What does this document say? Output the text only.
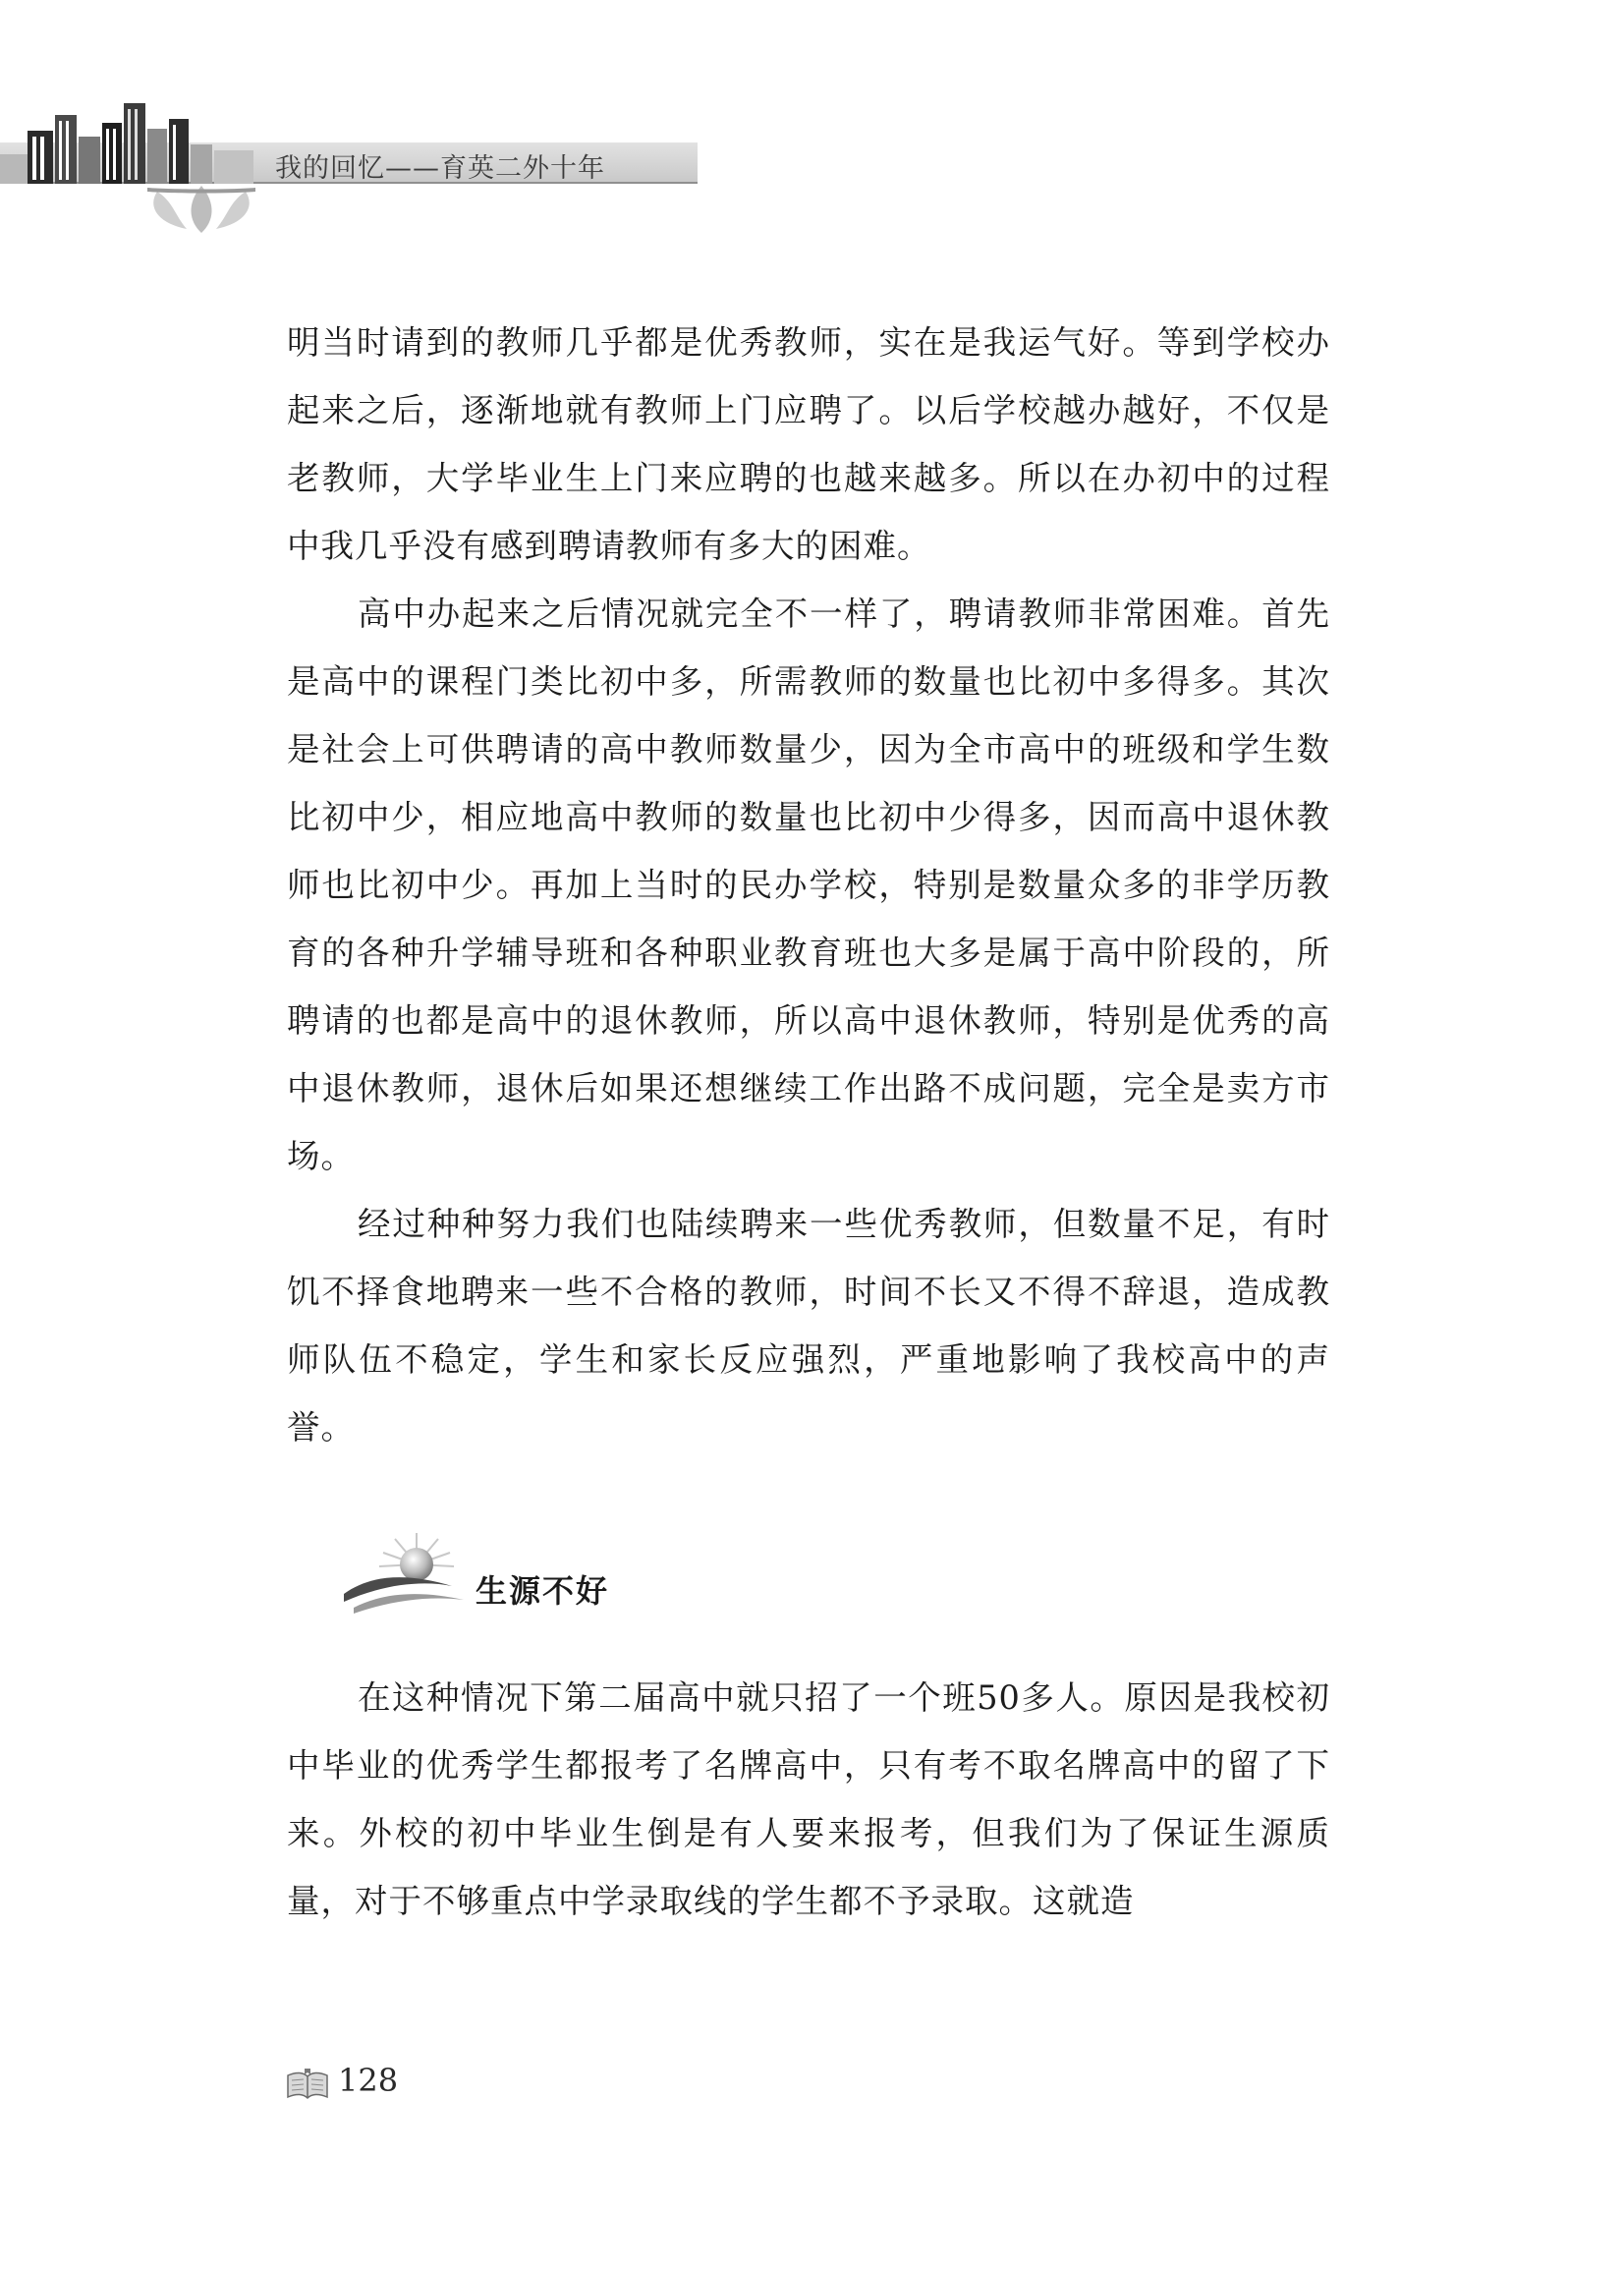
我的回忆——育英二外十年

明当时请到的教师几乎都是优秀教师，实在是我运气好。等到学校办起来之后，逐渐地就有教师上门应聘了。以后学校越办越好，不仅是老教师，大学毕业生上门来应聘的也越来越多。所以在办初中的过程中我几乎没有感到聘请教师有多大的困难。

高中办起来之后情况就完全不一样了，聘请教师非常困难。首先是高中的课程门类比初中多，所需教师的数量也比初中多得多。其次是社会上可供聘请的高中教师数量少，因为全市高中的班级和学生数比初中少，相应地高中教师的数量也比初中少得多，因而高中退休教师也比初中少。再加上当时的民办学校，特别是数量众多的非学历教育的各种升学辅导班和各种职业教育班也大多是属于高中阶段的，所聘请的也都是高中的退休教师，所以高中退休教师，特别是优秀的高中退休教师，退休后如果还想继续工作出路不成问题，完全是卖方市场。

经过种种努力我们也陆续聘来一些优秀教师，但数量不足，有时饥不择食地聘来一些不合格的教师，时间不长又不得不辞退，造成教师队伍不稳定，学生和家长反应强烈，严重地影响了我校高中的声誉。

生源不好

在这种情况下第二届高中就只招了一个班50多人。原因是我校初中毕业的优秀学生都报考了名牌高中，只有考不取名牌高中的留了下来。外校的初中毕业生倒是有人要来报考，但我们为了保证生源质量，对于不够重点中学录取线的学生都不予录取。这就造

128
